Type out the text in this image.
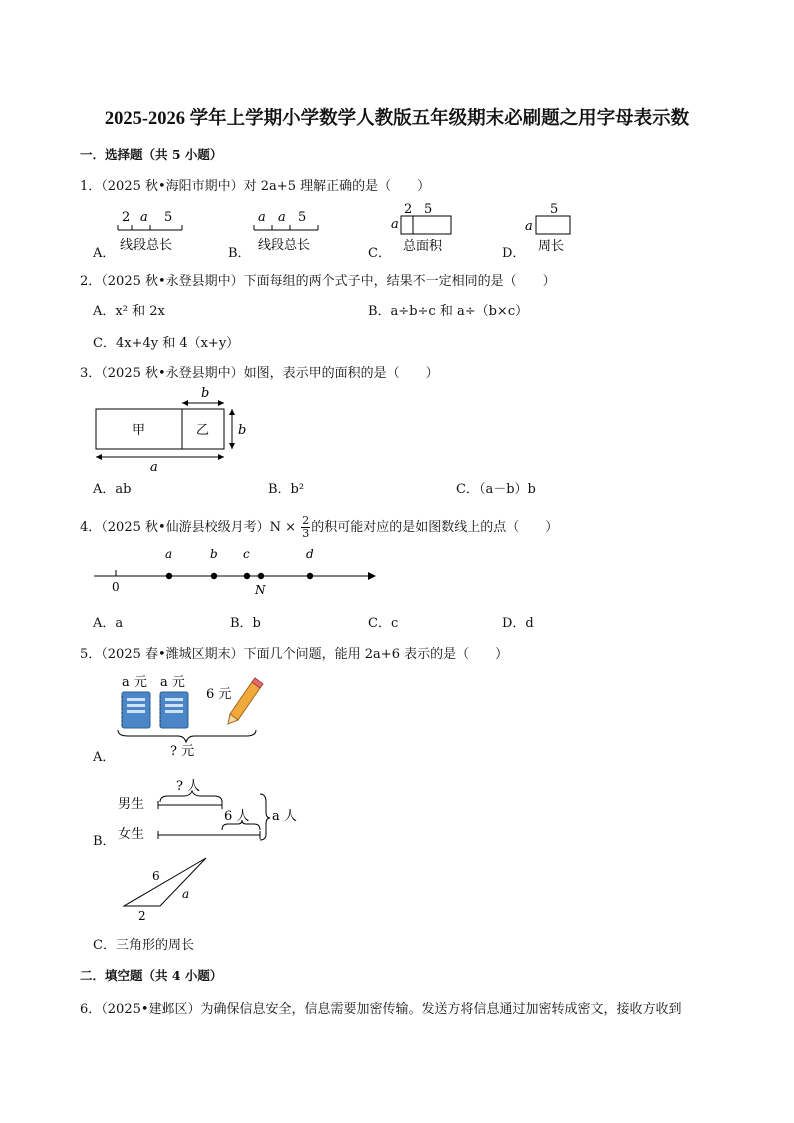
2025-2026 学年上学期小学数学人教版五年级期末必刷题之用字母表示数
一．选择题（共 5 小题）
1．（2025 秋•海阳市期中）对 2a+5 理解正确的是（　　）
A．
2 a 5
线段总长
B．
a a 5
线段总长
C．
2 5
a
总面积	D．
5
a
周长
2．（2025 秋•永登县期中）下面每组的两个式子中，结果不一定相同的是（　　）
A．x² 和 2x	B．a÷b÷c 和 a÷（b×c）
C．4x+4y 和 4（x+y）
3．（2025 秋•永登县期中）如图，表示甲的面积的是（　　）
b
甲	乙 b
a
A．ab	B．b²	C．（a－b）b
4．（2025 秋•仙游县校级月考）$N \times \frac{2}{3}$ 的积可能对应的是如图数线上的点（　　）
0
a	b c
N
d
A．a	B．b	C．c	D．d
5．（2025 春•潍城区期末）下面几个问题，能用 2a+6 表示的是（　　）
A．
a 元 a 元
6 元
? 元
B．
? 人
男生
6 人
女生
a 人
6
a
2
C．三角形的周长
二．填空题（共 4 小题）
6．（2025•建邺区）为确保信息安全，信息需要加密传输。发送方将信息通过加密转成密文，接收方收到
